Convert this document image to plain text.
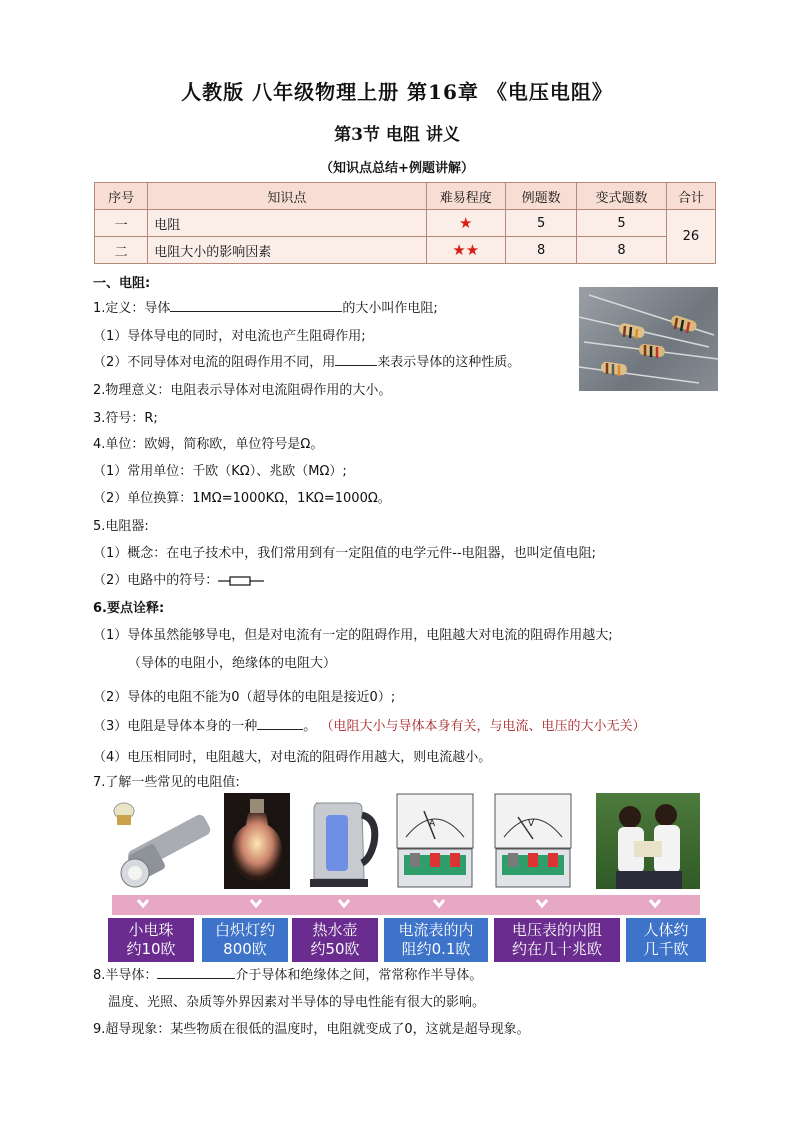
人教版 八年级物理上册 第16章 《电压电阻》
第3节 电阻 讲义
（知识点总结+例题讲解）
序号	知识点	难易程度	例题数	变式题数	合计
一	电阻	★	5	5	26
二	电阻大小的影响因素	★★	8	8	
一、电阻:
1.定义：导体	的大小叫作电阻;
（1）导体导电的同时，对电流也产生阻碍作用;
（2）不同导体对电流的阻碍作用不同，用	来表示导体的这种性质。
2.物理意义：电阻表示导体对电流阻碍作用的大小。
3.符号：R;
4.单位：欧姆，简称欧，单位符号是Ω。
（1）常用单位：千欧（KΩ）、兆欧（MΩ）;
（2）单位换算：1MΩ=1000KΩ，1KΩ=1000Ω。
5.电阻器:
（1）概念：在电子技术中，我们常用到有一定阻值的电学元件--电阻器，也叫定值电阻;
（2）电路中的符号：
6.要点诠释:
（1）导体虽然能够导电，但是对电流有一定的阻碍作用，电阻越大对电流的阻碍作用越大;
（导体的电阻小，绝缘体的电阻大）
（2）导体的电阻不能为0（超导体的电阻是接近0）;
（3）电阻是导体本身的一种	。 （电阻大小与导体本身有关，与电流、电压的大小无关）
（4）电压相同时，电阻越大，对电流的阻碍作用越大，则电流越小。
7.了解一些常见的电阻值:
A	V
小电珠
约10欧
白炽灯约
800欧
热水壶
约50欧
电流表的内
阻约0.1欧
电压表的内阻
约在几十兆欧
人体约
几千欧
8.半导体：	介于导体和绝缘体之间，常常称作半导体。
温度、光照、杂质等外界因素对半导体的导电性能有很大的影响。
9.超导现象：某些物质在很低的温度时，电阻就变成了0，这就是超导现象。
